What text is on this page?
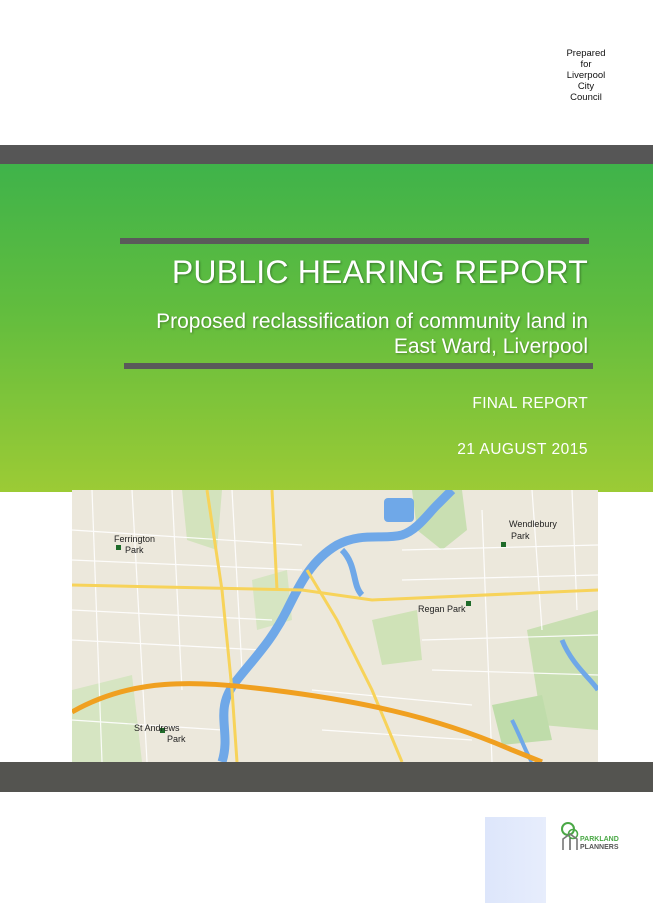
Prepared
for
Liverpool
City
Council
PUBLIC HEARING REPORT
Proposed reclassification of community land in
East Ward, Liverpool
FINAL REPORT
21 AUGUST 2015
Ferrington
Park
Wendlebury
Park
Regan Park
St Andrews
Park
PARKLAND
PLANNERS
